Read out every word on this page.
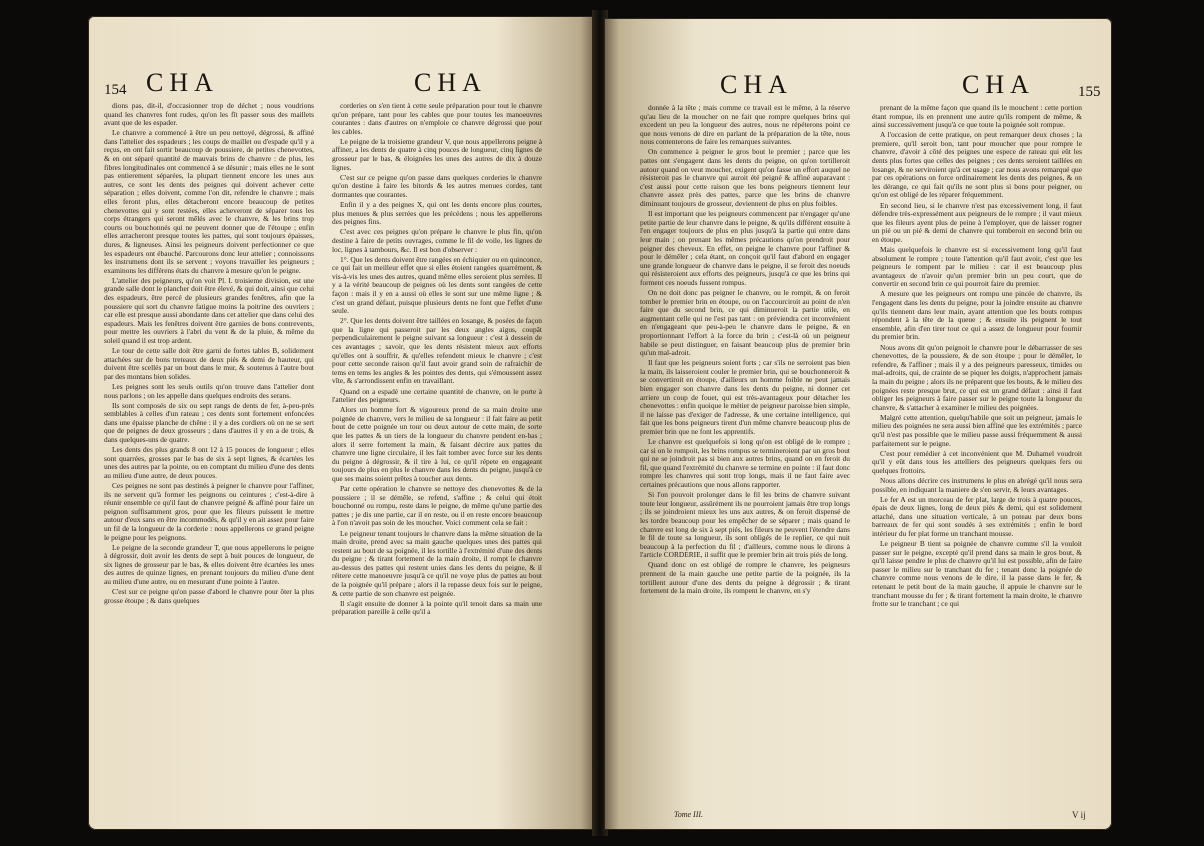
154 CHA	CHA

dions pas, dit-il, d'occasionner trop de déchet ; nous voudrions quand les chanvres font rudes, qu'on les fît passer sous des maillets avant que de les espader.

Le chanvre a commencé à être un peu nettoyé, dégrossi, & affiné dans l'attelier des espadeurs ; les coups de maillet ou d'espade qu'il y a reçus, en ont fait sortir beaucoup de poussiere, de petites chenevottes, & en ont séparé quantité de mauvais brins de chanvre : de plus, les fibres longitudinales ont commencé à se désunir ; mais elles ne le sont pas entierement séparées, la plupart tiennent encore les unes aux autres, ce sont les dents des peignes qui doivent achever cette séparation ; elles doivent, comme l'on dit, refendre le chanvre ; mais elles feront plus, elles détacheront encore beaucoup de petites chenevottes qui y sont restées, elles acheveront de séparer tous les corps étrangers qui seront mêlés avec le chanvre, & les brins trop courts ou bouchonnés qui ne peuvent donner que de l'étoupe ; enfin elles arracheront presque toutes les pattes, qui sont toujours épaisses, dures, & ligneuses. Ainsi les peigneurs doivent perfectionner ce que les espadeurs ont ébauché. Parcourons donc leur attelier ; connoissons les instrumens dont ils se servent ; voyons travailler les peigneurs ; examinons les différens états du chanvre à mesure qu'on le peigne.

L'attelier des peigneurs, qu'on voit Pl. I. troisieme division, est une grande salle dont le plancher doit être élevé, & qui doit, ainsi que celui des espadeurs, être percé de plusieurs grandes fenêtres, afin que la poussiere qui sort du chanvre fatigue moins la poitrine des ouvriers ; car elle est presque aussi abondante dans cet attelier que dans celui des espadeurs. Mais les fenêtres doivent être garnies de bons contrevents, pour mettre les ouvriers à l'abri du vent & de la pluie, & même du soleil quand il est trop ardent.

Le tour de cette salle doit être garni de fortes tables B, solidement attachées sur de bons treteaux de deux piés & demi de hauteur, qui doivent être scellés par un bout dans le mur, & soutenus à l'autre bout par des montans bien solides.

Les peignes sont les seuls outils qu'on trouve dans l'attelier dont nous parlons ; on les appelle dans quelques endroits des serans.

Ils sont composés de six ou sept rangs de dents de fer, à-peu-près semblables à celles d'un rateau ; ces dents sont fortement enfoncées dans une épaisse planche de chêne : il y a des cordiers où on ne se sert que de peignes de deux grosseurs ; dans d'autres il y en a de trois, & dans quelques-uns de quatre.

Les dents des plus grands 8 ont 12 à 15 pouces de longueur ; elles sont quarrées, grosses par le bas de six à sept lignes, & écartées les unes des autres par la pointe, ou en comptant du milieu d'une des dents au milieu d'une autre, de deux pouces.

Ces peignes ne sont pas destinés à peigner le chanvre pour l'affiner, ils ne servent qu'à former les peignons ou ceintures ; c'est-à-dire à réunir ensemble ce qu'il faut de chanvre peigné & affiné pour faire un peignon suffisamment gros, pour que les fileurs puissent le mettre autour d'eux sans en être incommodés, & qu'il y en ait assez pour faire un fil de la longueur de la corderie : nous appellerons ce grand peigne le peigne pour les peignons.

Le peigne de la seconde grandeur T, que nous appellerons le peigne à dégrossir, doit avoir les dents de sept à huit pouces de longueur, de six lignes de grosseur par le bas, & elles doivent être écartées les unes des autres de quinze lignes, en prenant toujours du milieu d'une dent au milieu d'une autre, ou en mesurant d'une pointe à l'autre.

C'est sur ce peigne qu'on passe d'abord le chanvre pour ôter la plus grosse étoupe ; & dans quelques

corderies on s'en tient à cette seule préparation pour tout le chanvre qu'on prépare, tant pour les cables que pour toutes les manoeuvres courantes : dans d'autres on n'emploie ce chanvre dégrossi que pour les cables.

Le peigne de la troisieme grandeur V, que nous appellerons peigne à affiner, a les dents de quatre à cinq pouces de longueur, cinq lignes de grosseur par le bas, & éloignées les unes des autres de dix à douze lignes.

C'est sur ce peigne qu'on passe dans quelques corderies le chanvre qu'on destine à faire les bitords & les autres menues cordes, tant dormantes que courantes.

Enfin il y a des peignes X, qui ont les dents encore plus courtes, plus menues & plus serrées que les précédens ; nous les appellerons des peignes fins.

C'est avec ces peignes qu'on prépare le chanvre le plus fin, qu'on destine à faire de petits ouvrages, comme le fil de voile, les lignes de loc, lignes à tambours, &c. Il est bon d'observer :

1°. Que les dents doivent être rangées en échiquier ou en quinconce, ce qui fait un meilleur effet que si elles étoient rangées quarrément, & vis-à-vis les unes des autres, quand même elles seroient plus serrées. Il y a la vérité beaucoup de peignes où les dents sont rangées de cette façon : mais il y en a aussi où elles le sont sur une même ligne ; & c'est un grand défaut, puisque plusieurs dents ne font que l'effet d'une seule.

2°. Que les dents doivent être taillées en losange, & posées de façon que la ligne qui passeroit par les deux angles aigus, coupât perpendiculairement le peigne suivant sa longueur : c'est à dessein de ces avantages ; savoir, que les dents résistent mieux aux efforts qu'elles ont à souffrir, & qu'elles refendent mieux le chanvre ; c'est pour cette seconde raison qu'il faut avoir grand soin de rafraichir de tems en tems les angles & les pointes des dents, qui s'émoussent assez vîte, & s'arrondissent enfin en travaillant.

Quand on a espadé une certaine quantité de chanvre, on le porte à l'attelier des peigneurs.

Alors un homme fort & vigoureux prend de sa main droite une poignée de chanvre, vers le milieu de sa longueur : il fait faire au petit bout de cette poignée un tour ou deux autour de cette main, de sorte que les pattes & un tiers de la longueur du chanvre pendent en-bas ; alors il serre fortement la main, & faisant décrire aux pattes du chanvre une ligne circulaire, il les fait tomber avec force sur les dents du peigne à dégrossir, & il tire à lui, ce qu'il répete en engageant toujours de plus en plus le chanvre dans les dents du peigne, jusqu'à ce que ses mains soient prêtes à toucher aux dents.

Par cette opération le chanvre se nettoye des chenevottes & de la poussiere ; il se démêle, se refend, s'affine ; & celui qui étoit bouchonné ou rompu, reste dans le peigne, de même qu'une partie des pattes ; je dis une partie, car il en reste, ou il en reste encore beaucoup à l'on n'avoit pas soin de les moucher. Voici comment cela se fait :

Le peigneur tenant toujours le chanvre dans la même situation de la main droite, prend avec sa main gauche quelques unes des pattes qui restent au bout de sa poignée, il les tortille à l'extrémité d'une des dents du peigne ; & tirant fortement de la main droite, il rompt le chanvre au-dessus des pattes qui restent unies dans les dents du peigne, & il réitere cette manoeuvre jusqu'à ce qu'il ne voye plus de pattes au bout de la poignée qu'il prépare ; alors il la repasse deux fois sur le peigne, & cette partie de son chanvre est peignée.

Il s'agit ensuite de donner à la pointe qu'il tenoit dans sa main une préparation pareille à celle qu'il a

CHA	CHA	155

donnée à la tête ; mais comme ce travail est le même, à la réserve qu'au lieu de la moucher on ne fait que rompre quelques brins qui excedent un peu la longueur des autres, nous ne répéterons point ce que nous venons de dire en parlant de la préparation de la tête, nous nous contenterons de faire les remarques suivantes.

On commence à peigner le gros bout le premier ; parce que les pattes ont s'engagent dans les dents du peigne, on qu'on tortilleroit autour quand on veut moucher, exigent qu'on fasse un effort auquel ne résisteroit pas le chanvre qui auroit été peigné & affiné auparavant : c'est aussi pour cette raison que les bons peigneurs tiennent leur chanvre assez près des pattes, parce que les brins de chanvre diminuant toujours de grosseur, deviennent de plus en plus foibles.

Il est important que les peigneurs commencent par n'engager qu'une petite partie de leur chanvre dans le peigne, & qu'ils différent ensuite à l'en engager toujours de plus en plus jusqu'à la partie qui entre dans leur main ; on prenant les mêmes précautions qu'on prendroit pour peigner des cheveux. En effet, on peigne le chanvre pour l'affiner & pour le démêler ; cela étant, on conçoit qu'il faut d'abord en engager une grande longueur de chanvre dans le peigne, il se feroit des noeuds qui résisteroient aux efforts des peigneurs, jusqu'à ce que les brins qui forment ces noeuds fussent rompus.

On ne doit donc pas peigner le chanvre, ou le rompit, & on feroit tomber le premier brin en étoupe, ou on l'accourciroit au point de n'en faire que du second brin, ce qui diminueroit la partie utile, en augmentant celle qui ne l'est pas tant : on préviendra cet inconvénient en n'engageant que peu-à-peu le chanvre dans le peigne, & en proportionnant l'effort à la force du brin ; c'est-là où un peigneur habile se peut distinguer, en faisant beaucoup plus de premier brin qu'un mal-adroit.

Il faut que les peigneurs soient forts ; car s'ils ne serroient pas bien la main, ils laisseroient couler le premier brin, qui se bouchonneroit & se convertiroit en étoupe, d'ailleurs un homme foible ne peut jamais bien engager son chanvre dans les dents du peigne, ni donner cet arriere un coup de fouet, qui est très-avantageux pour détacher les chenevottes : enfin quoique le métier de peigneur paroisse bien simple, il ne laisse pas d'exiger de l'adresse, & une certaine intelligence, qui fait que les bons peigneurs tirent d'un même chanvre beaucoup plus de premier brin que ne font les apprentifs.

Le chanvre est quelquefois si long qu'on est obligé de le rompre ; car si on le rompoit, les brins rompus se termineroient par un gros bout qui ne se joindroit pas si bien aux autres brins, quand on en feroit du fil, que quand l'extrémité du chanvre se termine en pointe : il faut donc rompre les chanvres qui sont trop longs, mais il ne faut faire avec certaines précautions que nous allons rapporter.

Si l'on pouvoit prolonger dans le fil les brins de chanvre suivant toute leur longueur, assûrément ils ne pourroient jamais être trop longs ; ils se joindroient mieux les uns aux autres, & on feroit dispensé de les tordre beaucoup pour les empêcher de se séparer ; mais quand le chanvre est long de six à sept piés, les fileurs ne peuvent l'étendre dans le fil de toute sa longueur, ils sont obligés de le replier, ce qui nuit beaucoup à la perfection du fil ; d'ailleurs, comme nous le dirons à l'article CORDERIE, il suffit que le premier brin ait trois piés de long.

Quand donc on est obligé de rompre le chanvre, les peigneurs prennent de la main gauche une petite partie de la poignée, ils la tortillent autour d'une des dents du peigne à dégrossir ; & tirant fortement de la main droite, ils rompent le chanvre, en s'y

prenant de la même façon que quand ils le mouchent : cette portion étant rompue, ils en prennent une autre qu'ils rompent de même, & ainsi successivement jusqu'à ce que toute la poignée soit rompue.

A l'occasion de cette pratique, on peut remarquer deux choses ; la premiere, qu'il seroit bon, tant pour moucher que pour rompre le chanvre, d'avoir à côté des peignes une espece de rateau qui eût les dents plus fortes que celles des peignes ; ces dents seroient taillées en losange, & ne serviroient qu'à cet usage ; car nous avons remarqué que par ces opérations on force ordinairement les dents des peignes, & on les dérange, ce qui fait qu'ils ne sont plus si bons pour peigner, ou qu'on est obligé de les réparer fréquemment.

En second lieu, si le chanvre n'est pas excessivement long, il faut défendre très-expressément aux peigneurs de le rompre ; il vaut mieux que les fileurs ayent plus de peine à l'employer, que de laisser rogner un pié ou un pié & demi de chanvre qui tomberoit en second brin ou en étoupe.

Mais quelquefois le chanvre est si excessivement long qu'il faut absolument le rompre ; toute l'attention qu'il faut avoir, c'est que les peigneurs le rompent par le milieu : car il est beaucoup plus avantageux de n'avoir qu'un premier brin un peu court, que de convertir en second brin ce qui pourroit faire du premier.

A mesure que les peigneurs ont rompu une pincée de chanvre, ils l'engagent dans les dents du peigne, pour la joindre ensuite au chanvre qu'ils tiennent dans leur main, ayant attention que les bouts rompus répondent à la tête de la queue ; & ensuite ils peignent le tout ensemble, afin d'en tirer tout ce qui a assez de longueur pour fournir du premier brin.

Nous avons dit qu'on peignoit le chanvre pour le débarrasser de ses chenevottes, de la poussiere, & de son étoupe ; pour le démêler, le refendre, & l'affiner ; mais il y a des peigneurs paresseux, timides ou mal-adroits, qui, de crainte de se piquer les doigts, n'approchent jamais la main du peigne ; alors ils ne préparent que les bouts, & le milieu des poignées reste presque brut, ce qui est un grand défaut : ainsi il faut obliger les peigneurs à faire passer sur le peigne toute la longueur du chanvre, & s'attacher à examiner le milieu des poignées.

Malgré cette attention, quelqu'habile que soit un peigneur, jamais le milieu des poignées ne sera aussi bien affiné que les extrémités ; parce qu'il n'est pas possible que le milieu passe aussi fréquemment & aussi parfaitement sur le peigne.

C'est pour remédier à cet inconvénient que M. Duhamel voudroit qu'il y eût dans tous les attelliers des peigneurs quelques fers ou quelques frottoirs.

Nous allons décrire ces instrumens le plus en abrégé qu'il nous sera possible, en indiquant la maniere de s'en servir, & leurs avantages.

Le fer A est un morceau de fer plat, large de trois à quatre pouces, épais de deux lignes, long de deux piés & demi, qui est solidement attaché, dans une situation verticale, à un poteau par deux bons barreaux de fer qui sont soudés à ses extrémités ; enfin le bord intérieur du fer plat forme un tranchant mousse.

Le peigneur B tient sa poignée de chanvre comme s'il la vouloit passer sur le peigne, excepté qu'il prend dans sa main le gros bout, & qu'il laisse pendre le plus de chanvre qu'il lui est possible, afin de faire passer le milieu sur le tranchant du fer ; tenant donc la poignée de chanvre comme nous venons de le dire, il la passe dans le fer, & retenant le petit bout de la main gauche, il appuie le chanvre sur le tranchant mousse du fer ; & tirant fortement la main droite, le chanvre frotte sur le tranchant ; ce qui

Tome III.	V ij
